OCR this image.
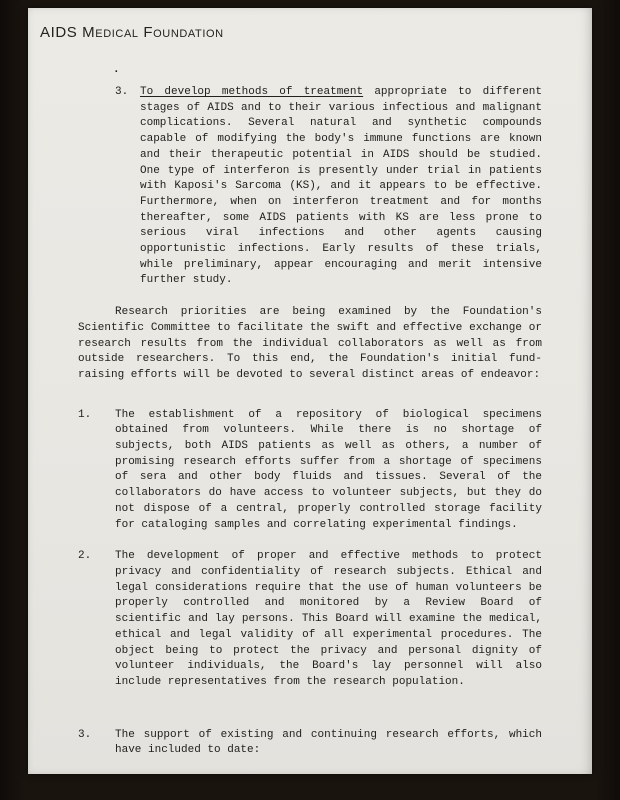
AIDS Medical Foundation
.
3.	To develop methods of treatment appropriate to different stages of AIDS and to their various infectious and malignant complications. Several natural and synthetic compounds capable of modifying the body's immune functions are known and their therapeutic potential in AIDS should be studied. One type of interferon is presently under trial in patients with Kaposi's Sarcoma (KS), and it appears to be effective. Furthermore, when on interferon treatment and for months thereafter, some AIDS patients with KS are less prone to serious viral infections and other agents causing opportunistic infections. Early results of these trials, while preliminary, appear encouraging and merit intensive further study.

Research priorities are being examined by the Foundation's Scientific Committee to facilitate the swift and effective exchange or research results from the individual collaborators as well as from outside researchers. To this end, the Foundation's initial fund-raising efforts will be devoted to several distinct areas of endeavor:

1.	The establishment of a repository of biological specimens obtained from volunteers. While there is no shortage of subjects, both AIDS patients as well as others, a number of promising research efforts suffer from a shortage of specimens of sera and other body fluids and tissues. Several of the collaborators do have access to volunteer subjects, but they do not dispose of a central, properly controlled storage facility for cataloging samples and correlating experimental findings.
2.	The development of proper and effective methods to protect privacy and confidentiality of research subjects. Ethical and legal considerations require that the use of human volunteers be properly controlled and monitored by a Review Board of scientific and lay persons. This Board will examine the medical, ethical and legal validity of all experimental procedures. The object being to protect the privacy and personal dignity of volunteer individuals, the Board's lay personnel will also include representatives from the research population.
3.	The support of existing and continuing research efforts, which have included to date:
